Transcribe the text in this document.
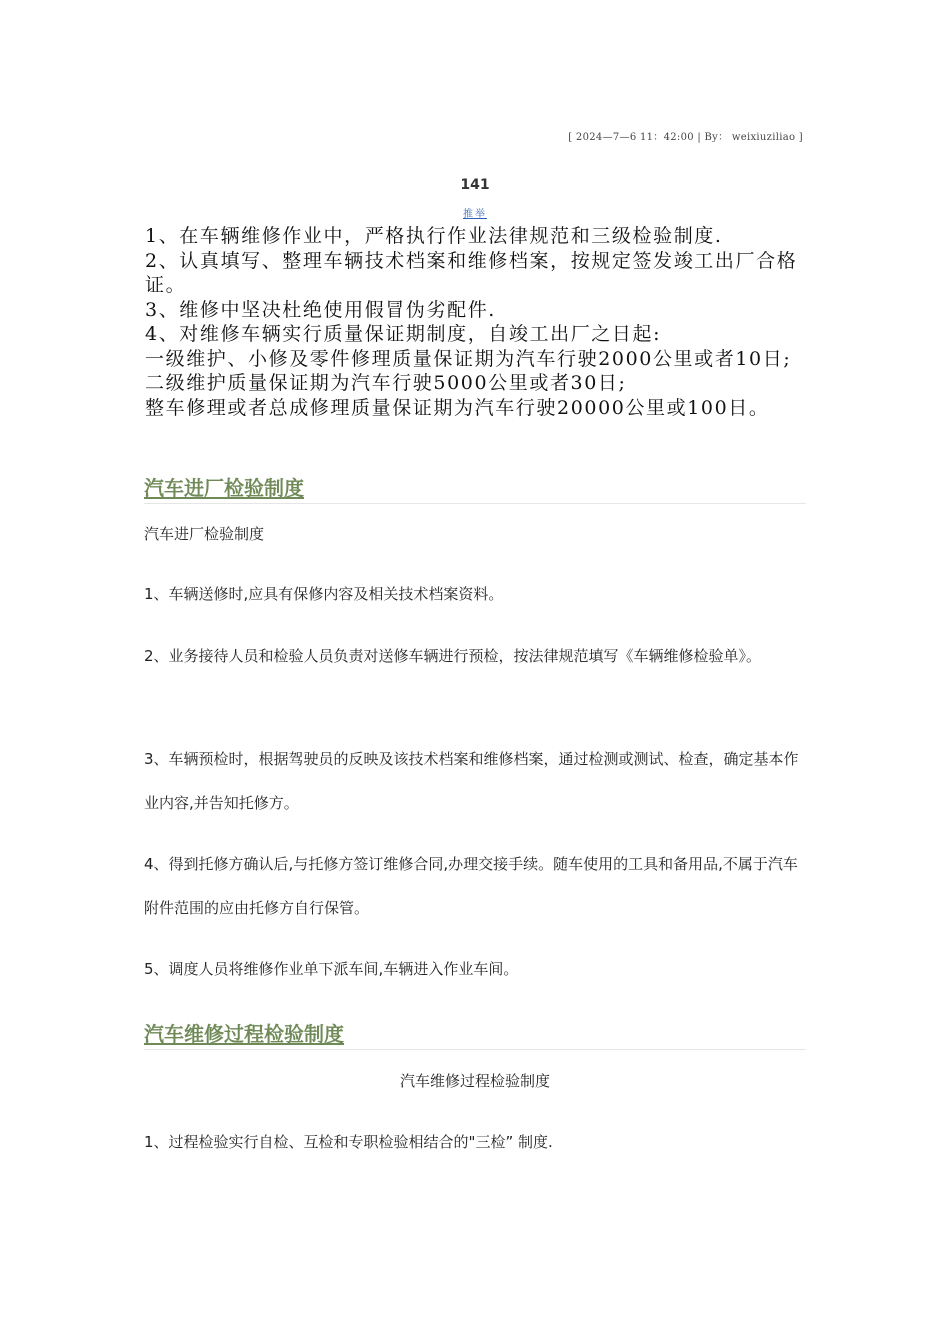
[ 2024—7—6 11：42:00 | By： weixiuziliao ]
141
推举

1、在车辆维修作业中，严格执行作业法律规范和三级检验制度.

2、认真填写、整理车辆技术档案和维修档案，按规定签发竣工出厂合格证。

3、维修中坚决杜绝使用假冒伪劣配件.

4、对维修车辆实行质量保证期制度，自竣工出厂之日起:

一级维护、小修及零件修理质量保证期为汽车行驶2000公里或者10日;

二级维护质量保证期为汽车行驶5000公里或者30日;

整车修理或者总成修理质量保证期为汽车行驶20000公里或100日。

汽车进厂检验制度
汽车进厂检验制度

1、车辆送修时,应具有保修内容及相关技术档案资料。

2、业务接待人员和检验人员负责对送修车辆进行预检，按法律规范填写《车辆维修检验单》。

3、车辆预检时，根据驾驶员的反映及该技术档案和维修档案，通过检测或测试、检查，确定基本作业内容,并告知托修方。

4、得到托修方确认后,与托修方签订维修合同,办理交接手续。随车使用的工具和备用品,不属于汽车附件范围的应由托修方自行保管。

5、调度人员将维修作业单下派车间,车辆进入作业车间。

汽车维修过程检验制度
汽车维修过程检验制度

1、过程检验实行自检、互检和专职检验相结合的"三检” 制度.
